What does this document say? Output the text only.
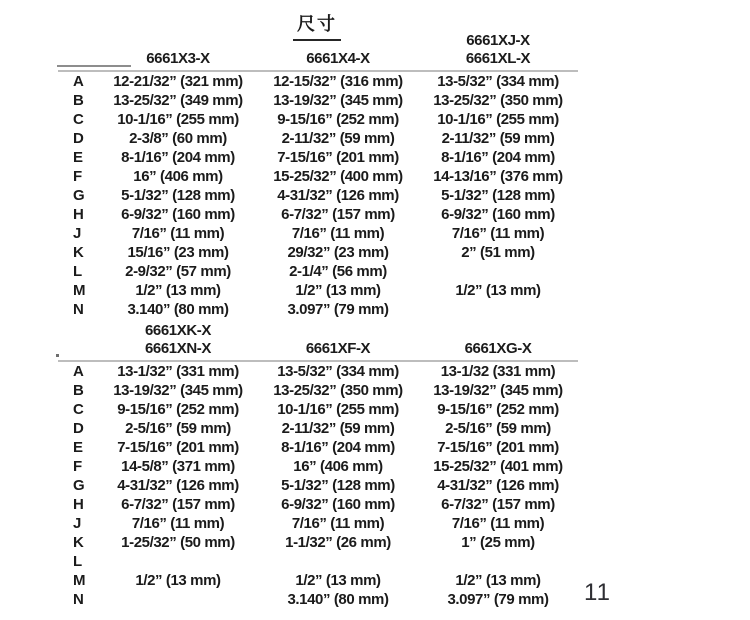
尺寸
			6661XJ-X
	6661X3-X	6661X4-X	6661XL-X
A	12-21/32” (321 mm)	12-15/32” (316 mm)	13-5/32” (334 mm)
B	13-25/32” (349 mm)	13-19/32” (345 mm)	13-25/32” (350 mm)
C	10-1/16” (255 mm)	9-15/16” (252 mm)	10-1/16” (255 mm)
D	2-3/8” (60 mm)	2-11/32” (59 mm)	2-11/32” (59 mm)
E	8-1/16” (204 mm)	7-15/16” (201 mm)	8-1/16” (204 mm)
F	16” (406 mm)	15-25/32” (400 mm)	14-13/16” (376 mm)
G	5-1/32” (128 mm)	4-31/32” (126 mm)	5-1/32” (128 mm)
H	6-9/32” (160 mm)	6-7/32” (157 mm)	6-9/32” (160 mm)
J	7/16” (11 mm)	7/16” (11 mm)	7/16” (11 mm)
K	15/16” (23 mm)	29/32” (23 mm)	2” (51 mm)
L	2-9/32” (57 mm)	2-1/4” (56 mm)	
M	1/2” (13 mm)	1/2” (13 mm)	1/2” (13 mm)
N	3.140” (80 mm)	3.097” (79 mm)	
	6661XK-X		
	6661XN-X	6661XF-X	6661XG-X
A	13-1/32” (331 mm)	13-5/32” (334 mm)	13-1/32 (331 mm)
B	13-19/32” (345 mm)	13-25/32” (350 mm)	13-19/32” (345 mm)
C	9-15/16” (252 mm)	10-1/16” (255 mm)	9-15/16” (252 mm)
D	2-5/16” (59 mm)	2-11/32” (59 mm)	2-5/16” (59 mm)
E	7-15/16” (201 mm)	8-1/16” (204 mm)	7-15/16” (201 mm)
F	14-5/8” (371 mm)	16” (406 mm)	15-25/32” (401 mm)
G	4-31/32” (126 mm)	5-1/32” (128 mm)	4-31/32” (126 mm)
H	6-7/32” (157 mm)	6-9/32” (160 mm)	6-7/32” (157 mm)
J	7/16” (11 mm)	7/16” (11 mm)	7/16” (11 mm)
K	1-25/32” (50 mm)	1-1/32” (26 mm)	1” (25 mm)
L			
M	1/2” (13 mm)	1/2” (13 mm)	1/2” (13 mm)
N		3.140” (80 mm)	3.097” (79 mm) 11
